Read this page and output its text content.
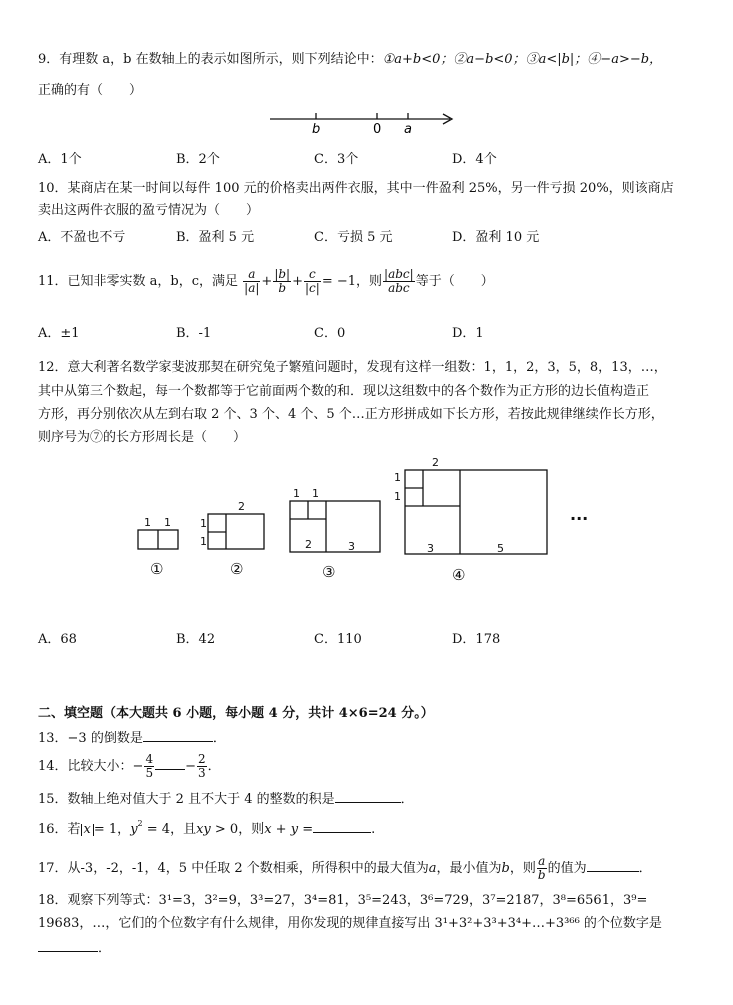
9．有理数 a，b 在数轴上的表示如图所示，则下列结论中：①a+b<0；②a−b<0；③a<|b|；④−a>−b，
正确的有（　　）
b	0 a
A．1个	B．2个	C．3个	D．4个
10．某商店在某一时间以每件 100 元的价格卖出两件衣服，其中一件盈利 25%，另一件亏损 20%，则该商店
卖出这两件衣服的盈亏情况为（　　）
A．不盈也不亏	B．盈利 5 元	C．亏损 5 元	D．盈利 10 元
11．已知非零实数 a，b，c，满足 $\frac{a}{|a|} + \frac{|b|}{b} + \frac{c}{|c|} = -1$，则 $\frac{\text{|abc|}}{\text{abc}}$ 等于（　　）
A．±1	B．-1	C．0	D．1
12．意大利著名数学家斐波那契在研究兔子繁殖问题时，发现有这样一组数：1，1，2，3，5，8，13，…，
其中从第三个数起，每一个数都等于它前面两个数的和．现以这组数中的各个数作为正方形的边长值构造正
方形，再分别依次从左到右取 2 个、3 个、4 个、5 个…正方形拼成如下长方形，若按此规律继续作长方形，
则序号为⑦的长方形周长是（　　）
1 1
2
1
1
1 1
2	3
2
1
1
3	5
①	②	③	④
···
A．68	B．42	C．110	D．178
二、填空题（本大题共 6 小题，每小题 4 分，共计 4×6=24 分。）
13．−3 的倒数是	．
14．比较大小：− $\frac{4}{5} - \frac{2}{3}$ ．
15．数轴上绝对值大于 2 且不大于 4 的整数的积是	．
16．若 x = 1，$y^2 = 4$，且xy > 0，则x + y =	.
17．从-3，-2，-1，4，5 中任取 2 个数相乘，所得积中的最大值为a，最小值为b，则 $\frac{a}{b}$ 的值为	．
18．观察下列等式：3¹=3，3²=9，3³=27，3⁴=81，3⁵=243，3⁶=729，3⁷=2187，3⁸=6561，3⁹=
19683，…，它们的个位数字有什么规律，用你发现的规律直接写出 3¹+3²+3³+3⁴+…+3³⁶⁶ 的个位数字是
．
